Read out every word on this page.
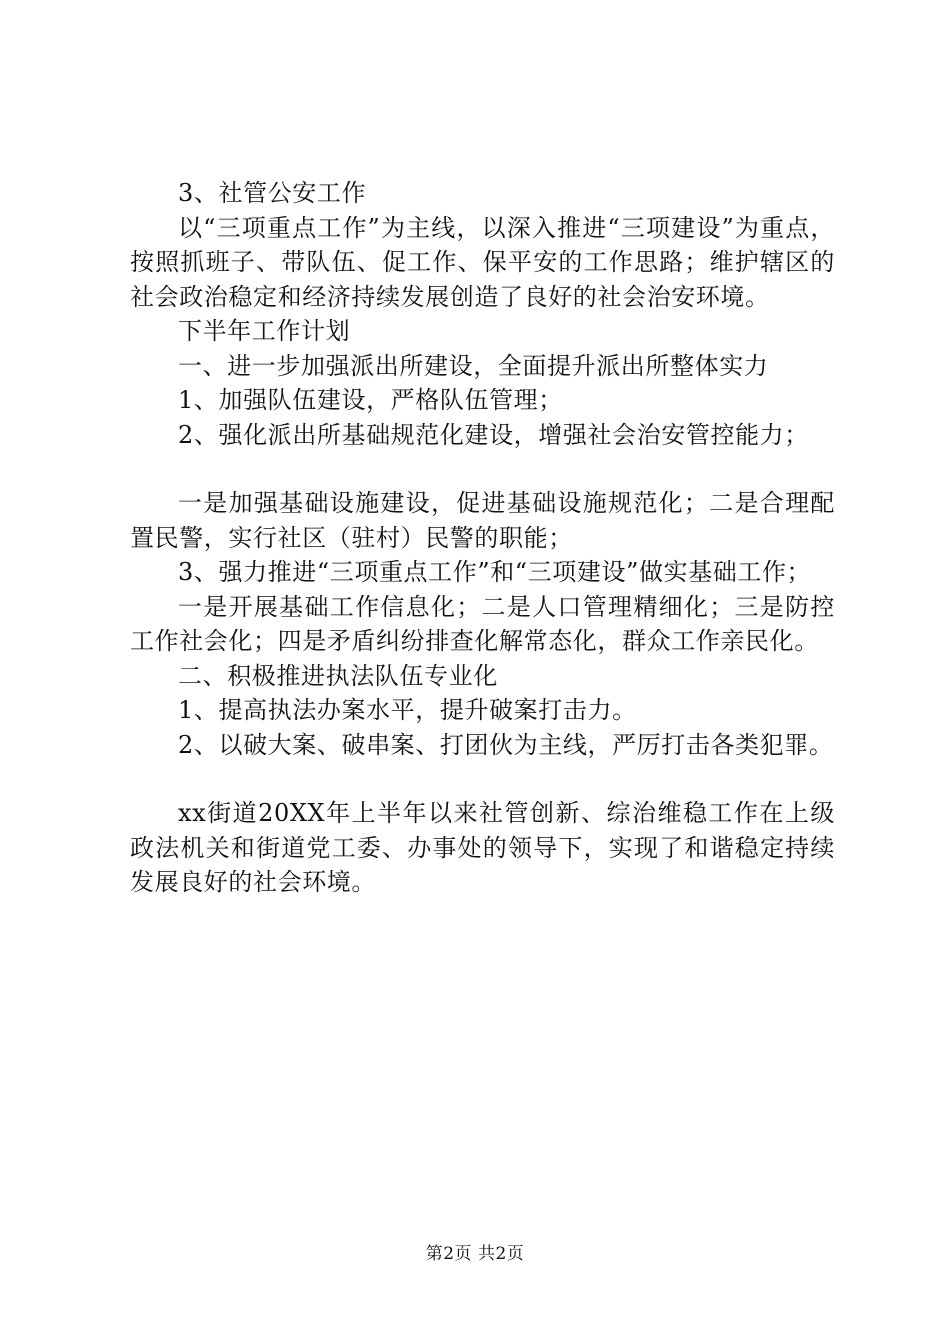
3、社管公安工作

以“三项重点工作”为主线，以深入推进“三项建设”为重点，按照抓班子、带队伍、促工作、保平安的工作思路；维护辖区的社会政治稳定和经济持续发展创造了良好的社会治安环境。

下半年工作计划

一、进一步加强派出所建设，全面提升派出所整体实力

1、加强队伍建设，严格队伍管理；

2、强化派出所基础规范化建设，增强社会治安管控能力；

一是加强基础设施建设，促进基础设施规范化；二是合理配置民警，实行社区（驻村）民警的职能；

3、强力推进“三项重点工作”和“三项建设”做实基础工作；

一是开展基础工作信息化；二是人口管理精细化；三是防控工作社会化；四是矛盾纠纷排查化解常态化，群众工作亲民化。

二、积极推进执法队伍专业化

1、提高执法办案水平，提升破案打击力。

2、以破大案、破串案、打团伙为主线，严厉打击各类犯罪。

xx街道20XX年上半年以来社管创新、综治维稳工作在上级政法机关和街道党工委、办事处的领导下，实现了和谐稳定持续发展良好的社会环境。

第2页 共2页
